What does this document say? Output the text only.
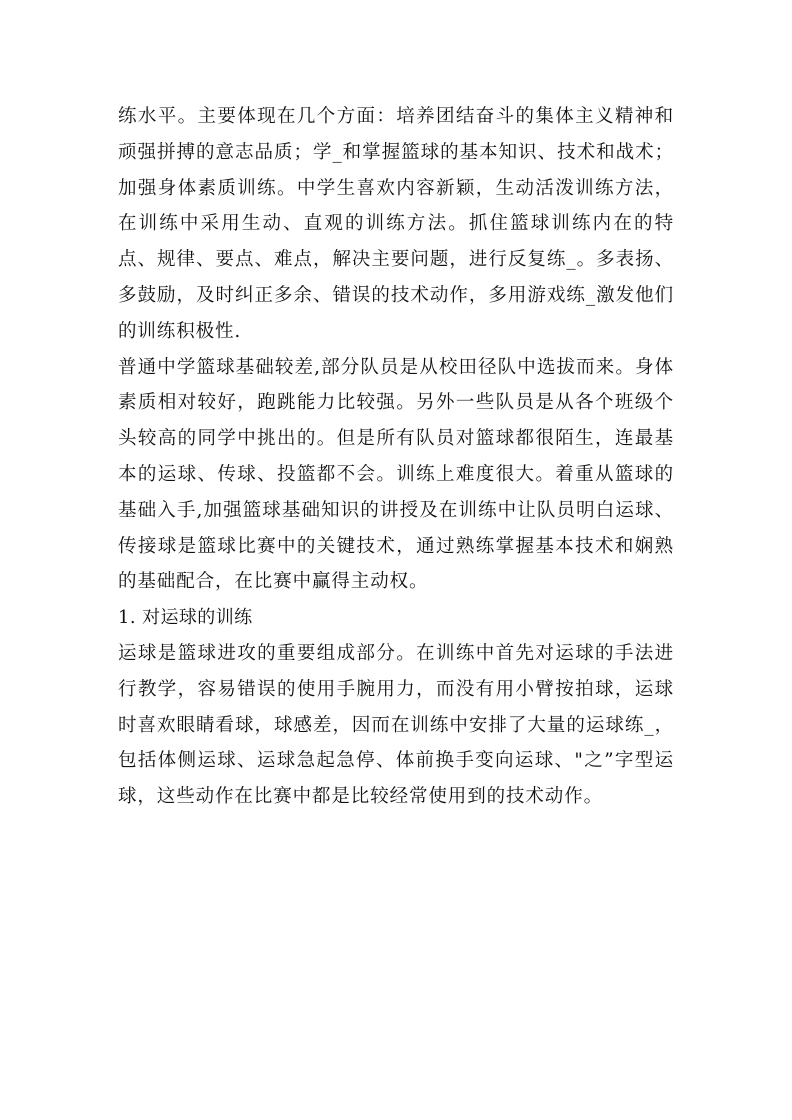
练水平。主要体现在几个方面：培养团结奋斗的集体主义精神和顽强拼搏的意志品质；学_和掌握篮球的基本知识、技术和战术；加强身体素质训练。中学生喜欢内容新颖，生动活泼训练方法，在训练中采用生动、直观的训练方法。抓住篮球训练内在的特点、规律、要点、难点，解决主要问题，进行反复练_。多表扬、多鼓励，及时纠正多余、错误的技术动作，多用游戏练_激发他们的训练积极性.

普通中学篮球基础较差,部分队员是从校田径队中选拔而来。身体素质相对较好，跑跳能力比较强。另外一些队员是从各个班级个头较高的同学中挑出的。但是所有队员对篮球都很陌生，连最基本的运球、传球、投篮都不会。训练上难度很大。着重从篮球的基础入手,加强篮球基础知识的讲授及在训练中让队员明白运球、传接球是篮球比赛中的关键技术，通过熟练掌握基本技术和娴熟的基础配合，在比赛中赢得主动权。

1. 对运球的训练

运球是篮球进攻的重要组成部分。在训练中首先对运球的手法进行教学，容易错误的使用手腕用力，而没有用小臂按拍球，运球时喜欢眼睛看球，球感差，因而在训练中安排了大量的运球练_，包括体侧运球、运球急起急停、体前换手变向运球、"之”字型运球，这些动作在比赛中都是比较经常使用到的技术动作。
